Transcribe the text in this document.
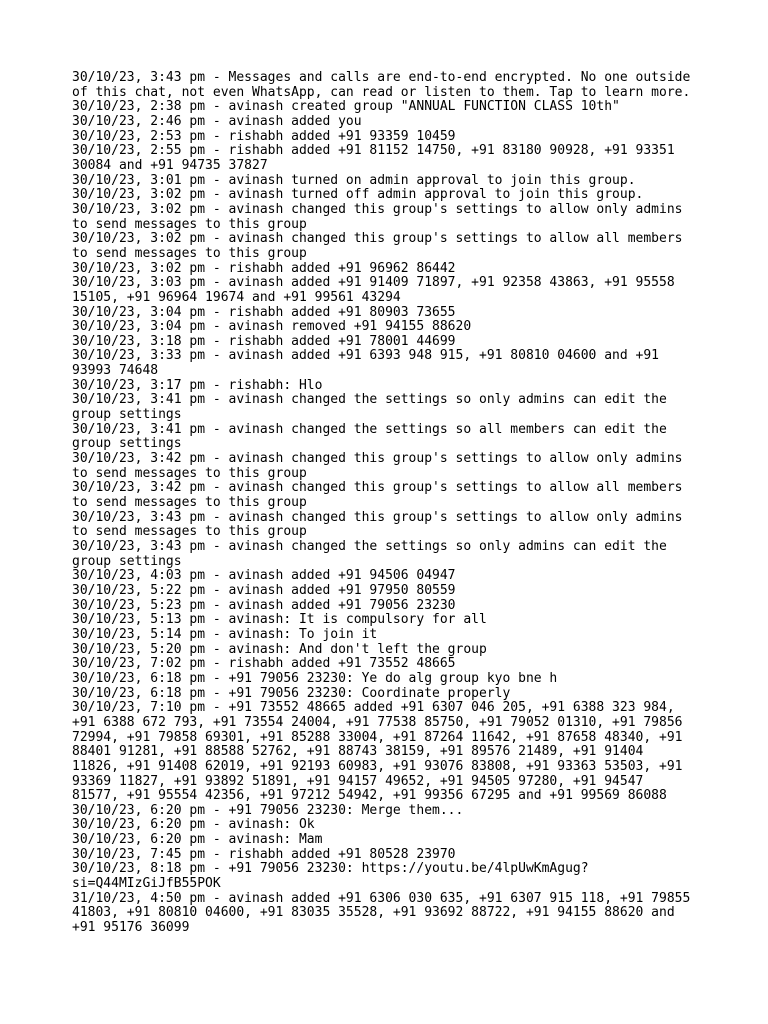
30/10/23, 3:43 pm - Messages and calls are end-to-end encrypted. No one outside of this chat, not even WhatsApp, can read or listen to them. Tap to learn more.
30/10/23, 2:38 pm - avinash created group "ANNUAL FUNCTION CLASS 10th"
30/10/23, 2:46 pm - avinash added you
30/10/23, 2:53 pm - rishabh added +91 93359 10459
30/10/23, 2:55 pm - rishabh added +91 81152 14750, +91 83180 90928, +91 93351 30084 and +91 94735 37827
30/10/23, 3:01 pm - avinash turned on admin approval to join this group.
30/10/23, 3:02 pm - avinash turned off admin approval to join this group.
30/10/23, 3:02 pm - avinash changed this group's settings to allow only admins to send messages to this group
30/10/23, 3:02 pm - avinash changed this group's settings to allow all members to send messages to this group
30/10/23, 3:02 pm - rishabh added +91 96962 86442
30/10/23, 3:03 pm - avinash added +91 91409 71897, +91 92358 43863, +91 95558 15105, +91 96964 19674 and +91 99561 43294
30/10/23, 3:04 pm - rishabh added +91 80903 73655
30/10/23, 3:04 pm - avinash removed +91 94155 88620
30/10/23, 3:18 pm - rishabh added +91 78001 44699
30/10/23, 3:33 pm - avinash added +91 6393 948 915, +91 80810 04600 and +91 93993 74648
30/10/23, 3:17 pm - rishabh: Hlo
30/10/23, 3:41 pm - avinash changed the settings so only admins can edit the group settings
30/10/23, 3:41 pm - avinash changed the settings so all members can edit the group settings
30/10/23, 3:42 pm - avinash changed this group's settings to allow only admins to send messages to this group
30/10/23, 3:42 pm - avinash changed this group's settings to allow all members to send messages to this group
30/10/23, 3:43 pm - avinash changed this group's settings to allow only admins to send messages to this group
30/10/23, 3:43 pm - avinash changed the settings so only admins can edit the group settings
30/10/23, 4:03 pm - avinash added +91 94506 04947
30/10/23, 5:22 pm - avinash added +91 97950 80559
30/10/23, 5:23 pm - avinash added +91 79056 23230
30/10/23, 5:13 pm - avinash: It is compulsory for all
30/10/23, 5:14 pm - avinash: To join it
30/10/23, 5:20 pm - avinash: And don't left the group
30/10/23, 7:02 pm - rishabh added +91 73552 48665
30/10/23, 6:18 pm - +91 79056 23230: Ye do alg group kyo bne h
30/10/23, 6:18 pm - +91 79056 23230: Coordinate properly
30/10/23, 7:10 pm - +91 73552 48665 added +91 6307 046 205, +91 6388 323 984, +91 6388 672 793, +91 73554 24004, +91 77538 85750, +91 79052 01310, +91 79856 72994, +91 79858 69301, +91 85288 33004, +91 87264 11642, +91 87658 48340, +91 88401 91281, +91 88588 52762, +91 88743 38159, +91 89576 21489, +91 91404 11826, +91 91408 62019, +91 92193 60983, +91 93076 83808, +91 93363 53503, +91 93369 11827, +91 93892 51891, +91 94157 49652, +91 94505 97280, +91 94547 81577, +91 95554 42356, +91 97212 54942, +91 99356 67295 and +91 99569 86088
30/10/23, 6:20 pm - +91 79056 23230: Merge them...
30/10/23, 6:20 pm - avinash: Ok
30/10/23, 6:20 pm - avinash: Mam
30/10/23, 7:45 pm - rishabh added +91 80528 23970
30/10/23, 8:18 pm - +91 79056 23230: https://youtu.be/4lpUwKmAgug?si=Q44MIzGiJfB55POK
31/10/23, 4:50 pm - avinash added +91 6306 030 635, +91 6307 915 118, +91 79855 41803, +91 80810 04600, +91 83035 35528, +91 93692 88722, +91 94155 88620 and +91 95176 36099
